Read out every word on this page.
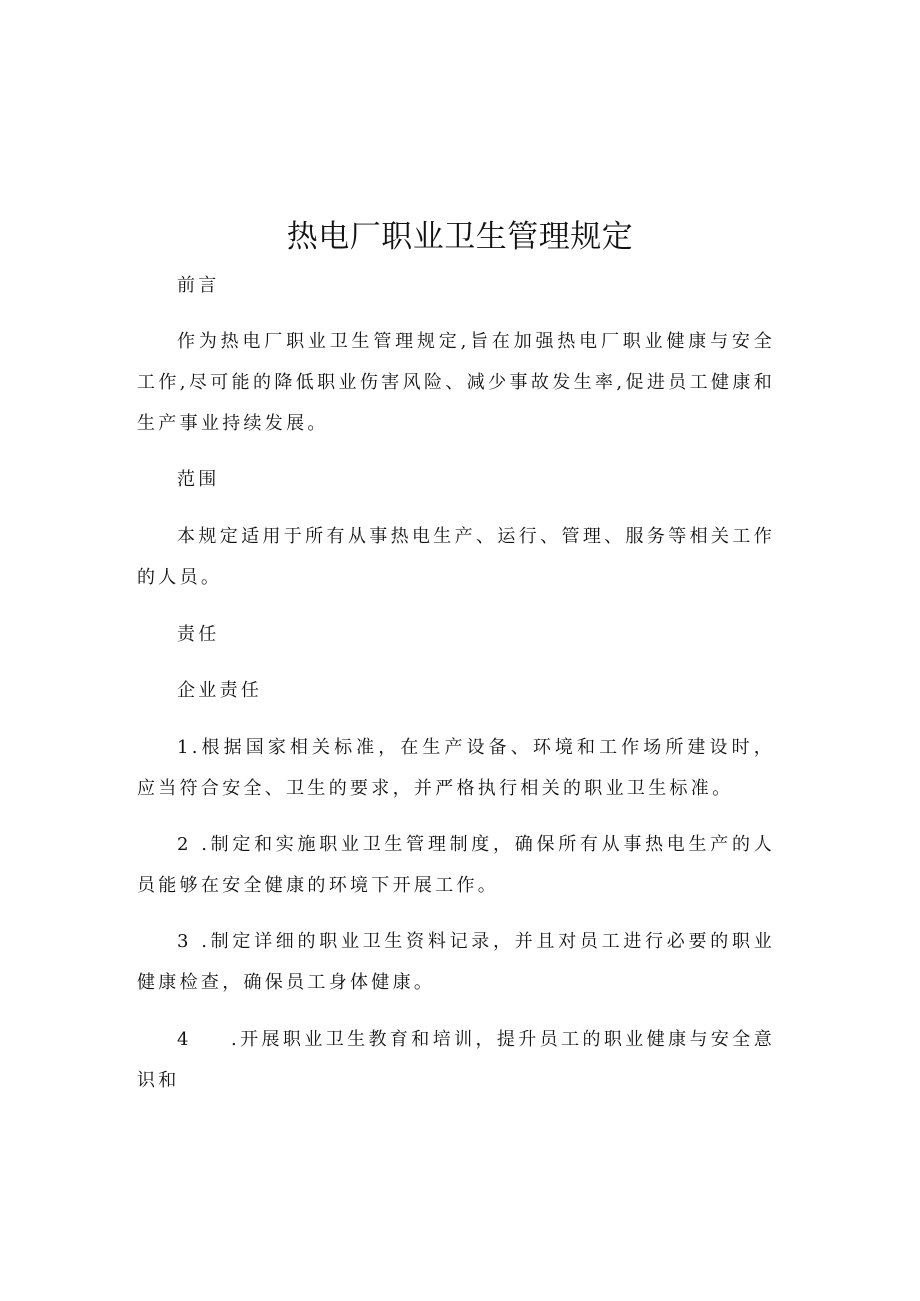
热电厂职业卫生管理规定
前言
作为热电厂职业卫生管理规定,旨在加强热电厂职业健康与安全工作,尽可能的降低职业伤害风险、减少事故发生率,促进员工健康和生产事业持续发展。
范围
本规定适用于所有从事热电生产、运行、管理、服务等相关工作的人员。
责任
企业责任
1.根据国家相关标准，在生产设备、环境和工作场所建设时，应当符合安全、卫生的要求，并严格执行相关的职业卫生标准。
2 .制定和实施职业卫生管理制度，确保所有从事热电生产的人员能够在安全健康的环境下开展工作。
3 .制定详细的职业卫生资料记录，并且对员工进行必要的职业健康检查，确保员工身体健康。
4 .开展职业卫生教育和培训，提升员工的职业健康与安全意识和
